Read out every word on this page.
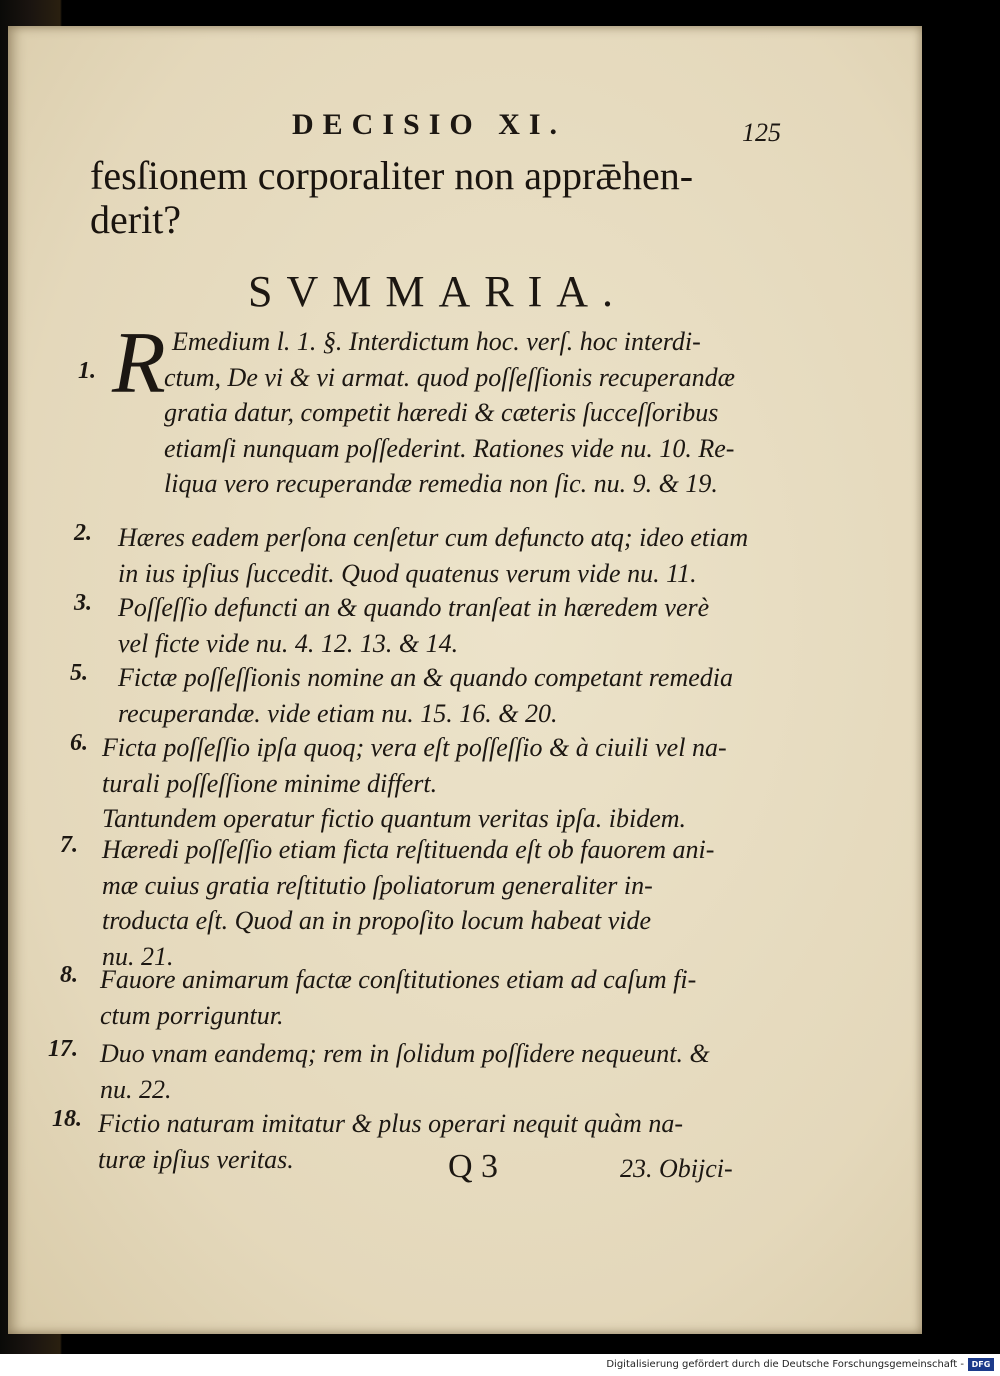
DECISIO XI.	125
fesſionem corporaliter non apprǣhen-
derit?
SVMMARIA.
1. R Emedium l. 1. §. Interdictum hoc. verſ. hoc interdi-
ctum, De vi & vi armat. quod poſſeſſionis recuperandæ
gratia datur, competit hæredi & cæteris ſucceſſoribus
etiamſi nunquam poſſederint. Rationes vide nu. 10. Re-
liqua vero recuperandæ remedia non ſic. nu. 9. & 19.
2. Hæres eadem perſona cenſetur cum defuncto atq; ideo etiam
in ius ipſius ſuccedit. Quod quatenus verum vide nu. 11.
3. Poſſeſſio defuncti an & quando tranſeat in hæredem verè
vel ficte vide nu. 4. 12. 13. & 14.
5. Fictæ poſſeſſionis nomine an & quando competant remedia
recuperandæ. vide etiam nu. 15. 16. & 20.
6. Ficta poſſeſſio ipſa quoq; vera eſt poſſeſſio & à ciuili vel na-
turali poſſeſſione minime differt.
Tantundem operatur fictio quantum veritas ipſa. ibidem.
7. Hæredi poſſeſſio etiam ficta reſtituenda eſt ob fauorem ani-
mæ cuius gratia reſtitutio ſpoliatorum generaliter in-
troducta eſt. Quod an in propoſito locum habeat vide
nu. 21.
8. Fauore animarum factæ conſtitutiones etiam ad caſum fi-
ctum porriguntur.
17. Duo vnam eandemq; rem in ſolidum poſſidere nequeunt. &
nu. 22.
18. Fictio naturam imitatur & plus operari nequit quàm na-
turæ ipſius veritas.	Q 3	23. Obijci-
Digitalisierung gefördert durch die Deutsche Forschungsgemeinschaft - DFG
